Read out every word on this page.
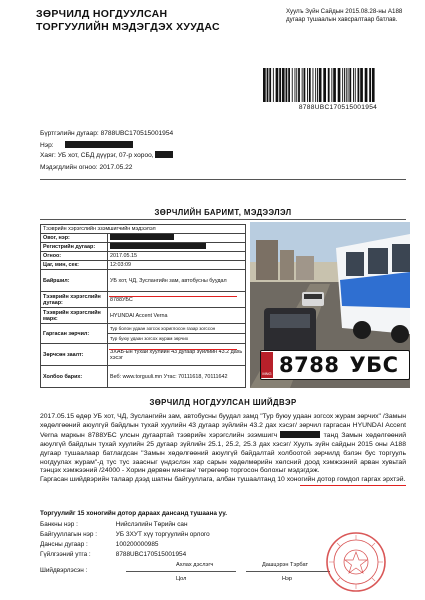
ЗӨРЧИЛД НОГДУУЛСАН
ТОРГУУЛИЙН МЭДЭГДЭХ ХУУДАС
Хуулъ Зүйн Сайдын 2015.08.28-ны А188 дугаар тушаалын хавсралтаар батлав.
8788UBC170515001954
Бүртгэлийн дугаар: 8788UBC170515001954
Нэр:
Хаяг: УБ хот, СБД дүүрэг, 07-р хороо,
Мэдэгдлийн огноо: 2017.05.22
ЗӨРЧЛИЙН БАРИМТ, МЭДЭЭЛЭЛ
Тээврийн хэрэгслийн эзэмшигчийн мэдээлэл	
Овог, нэр:	
Регистрийн дугаар:	
Огноо:	2017.05.15
Цаг, мин, сек:	12:03:09
Байршил:	УБ хот, ЧД, Зуслангийн зам, автобусны буудал
Тээврийн хэрэгслийн дугаар:	8788УБС
Тээврийн хэрэгслийн марк:	HYUNDAI Accent Verna
Гаргасан зөрчил:	Тур болон удаан зогсох хориглосон газар зогссон
	Тур буюу удаан зогсох журам зөрчих
Зөрчсөн заалт:	ЗХАБ-ын тухай хуулийн 43 дугаар зүйлийн 43.2 дахь хэсэг
Холбоо барих:	Веб: www.torguuli.mn Утас: 70111618, 70111642	MNG 8788 УБС
ЗӨРЧИЛД НОГДУУЛСАН ШИЙДВЭР
2017.05.15 өдөр УБ хот, ЧД, Зуслангийн зам, автобусны буудал замд "Тур буюу удаан зогсох журам зөрчих" /Замын хөдөлгөөний аюулгүй байдлын тухай хуулийн 43 дугаар зүйлийн 43.2 дах хэсэг/ зөрчил гаргасан HYUNDAI Accent Verna маркын 8788УБС улсын дугаартай тээврийн хэрэгслийн эзэмшигч	танд Замын хөдөлгөөний аюулгүй байдлын тухай хуулийн 25 дугаар зүйлийн 25.1, 25.2, 25.3 дах хэсэг/ Хуулъ зүйн сайдын 2015 оны А188 дугаар тушаалаар батлагдсан "Замын хөдөлгөөний аюулгүй байдалтай холбоотой зөрчилд бэлэн бус торгууль ногдуулах журам"-д тус тус заасныг үндэслэн хар сарын хөдөлмөрийн хөлсний доод хэмжээний арван хувьтай тэнцэх хэмжээний /24000 - Хорин дөрвөн мянган/ төгрөгөөр торгосон болохыг мэдэгдэж.
Гаргасан шийдвэрийн талаар дээд шатны байгууллага, албан тушаалтанд 10 хоногийн дотор гомдол гаргах эрхтэй.
Торгуулийг 15 хоногийн дотор дараах дансанд тушаана уу.
Банкны нэр :	Нийслэлийн Төрийн сан
Байгууллагын нэр :	УБ ЗХУТ хүү торгуулийн орлого
Дансны дугаар :	100200000985
Гүйлгээний утга :	8788UBC170515001954
Шийдвэрлэсэн :
Ахлах дэслэгч
Цол
Дашцэрэн Тэрбат
Нэр
